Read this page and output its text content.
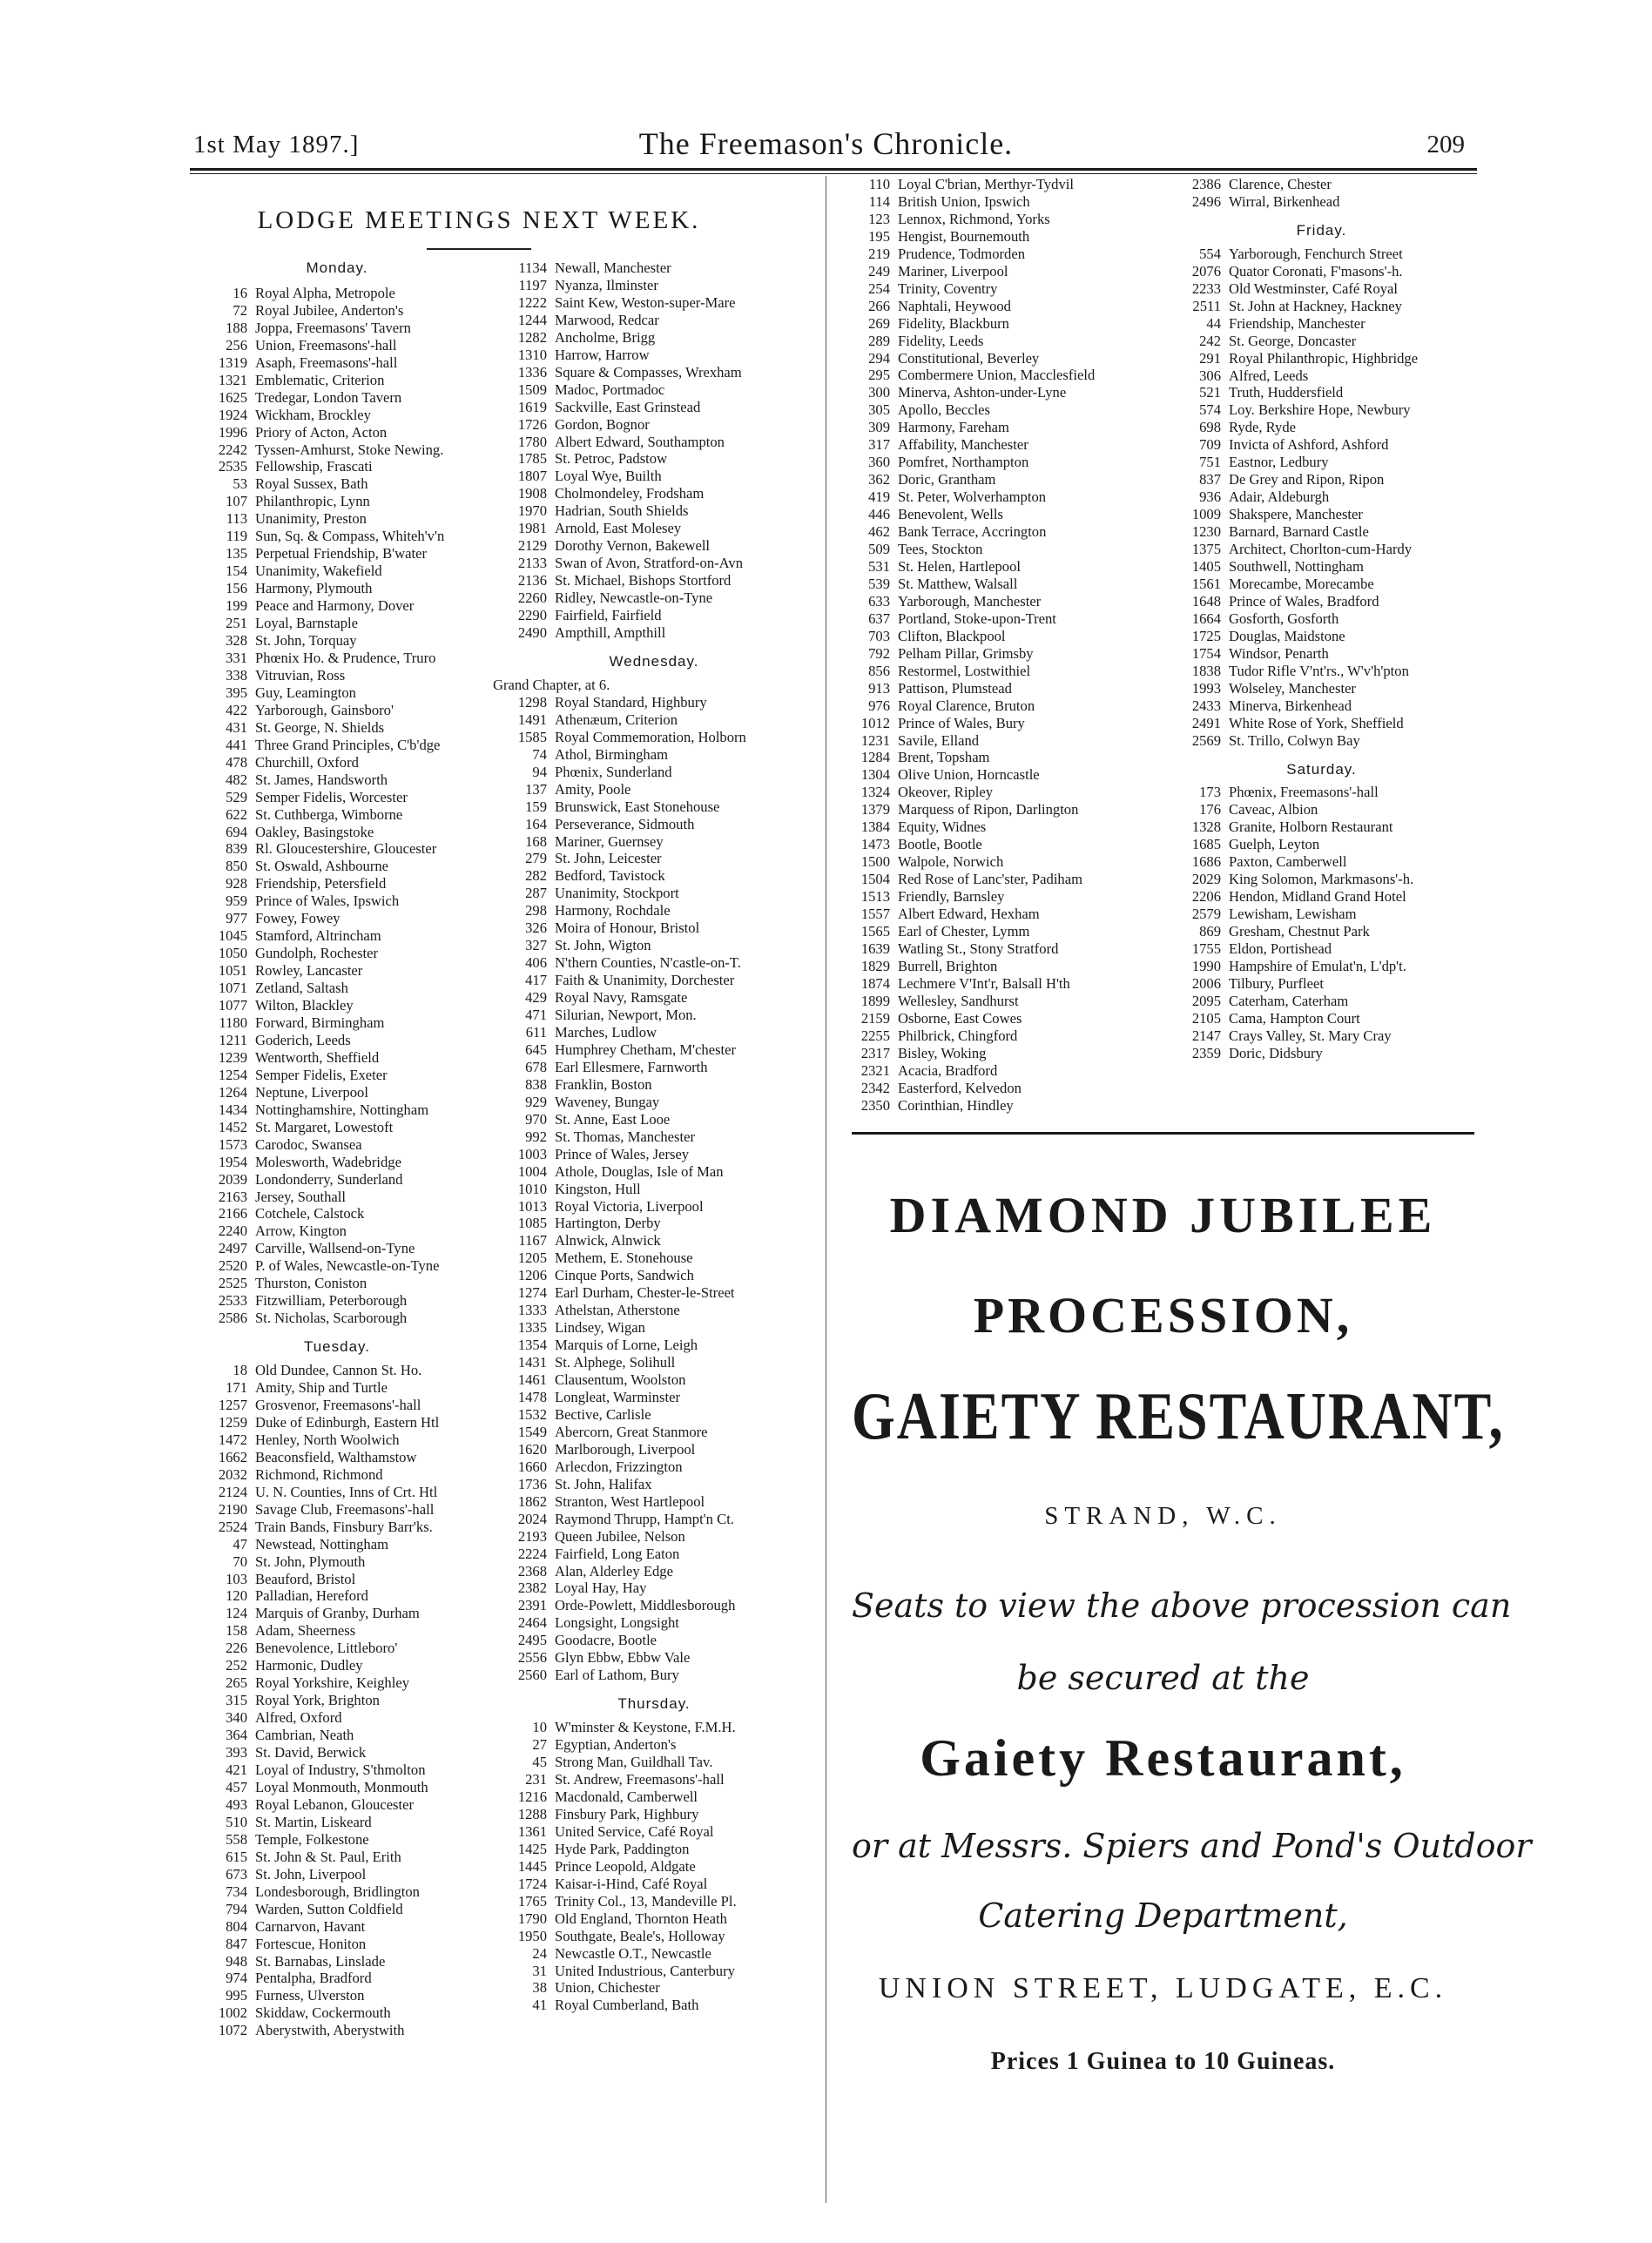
1st May 1897.]	The Freemason's Chronicle.	209
LODGE MEETINGS NEXT WEEK.
Monday.
16 Royal Alpha, Metropole
72 Royal Jubilee, Anderton's
188 Joppa, Freemasons' Tavern
256 Union, Freemasons'-hall
1319 Asaph, Freemasons'-hall
1321 Emblematic, Criterion
1625 Tredegar, London Tavern
1924 Wickham, Brockley
1996 Priory of Acton, Acton
2242 Tyssen-Amhurst, Stoke Newing.
2535 Fellowship, Frascati
53 Royal Sussex, Bath
107 Philanthropic, Lynn
113 Unanimity, Preston
119 Sun, Sq. & Compass, Whiteh'v'n
135 Perpetual Friendship, B'water
154 Unanimity, Wakefield
156 Harmony, Plymouth
199 Peace and Harmony, Dover
251 Loyal, Barnstaple
328 St. John, Torquay
331 Phœnix Ho. & Prudence, Truro
338 Vitruvian, Ross
395 Guy, Leamington
422 Yarborough, Gainsboro'
431 St. George, N. Shields
441 Three Grand Principles, C'b'dge
478 Churchill, Oxford
482 St. James, Handsworth
529 Semper Fidelis, Worcester
622 St. Cuthberga, Wimborne
694 Oakley, Basingstoke
839 Rl. Gloucestershire, Gloucester
850 St. Oswald, Ashbourne
928 Friendship, Petersfield
959 Prince of Wales, Ipswich
977 Fowey, Fowey
1045 Stamford, Altrincham
1050 Gundolph, Rochester
1051 Rowley, Lancaster
1071 Zetland, Saltash
1077 Wilton, Blackley
1180 Forward, Birmingham
1211 Goderich, Leeds
1239 Wentworth, Sheffield
1254 Semper Fidelis, Exeter
1264 Neptune, Liverpool
1434 Nottinghamshire, Nottingham
1452 St. Margaret, Lowestoft
1573 Carodoc, Swansea
1954 Molesworth, Wadebridge
2039 Londonderry, Sunderland
2163 Jersey, Southall
2166 Cotchele, Calstock
2240 Arrow, Kington
2497 Carville, Wallsend-on-Tyne
2520 P. of Wales, Newcastle-on-Tyne
2525 Thurston, Coniston
2533 Fitzwilliam, Peterborough
2586 St. Nicholas, Scarborough
Tuesday.
18 Old Dundee, Cannon St. Ho.
171 Amity, Ship and Turtle
1257 Grosvenor, Freemasons'-hall
1259 Duke of Edinburgh, Eastern Htl
1472 Henley, North Woolwich
1662 Beaconsfield, Walthamstow
2032 Richmond, Richmond
2124 U. N. Counties, Inns of Crt. Htl
2190 Savage Club, Freemasons'-hall
2524 Train Bands, Finsbury Barr'ks.
47 Newstead, Nottingham
70 St. John, Plymouth
103 Beauford, Bristol
120 Palladian, Hereford
124 Marquis of Granby, Durham
158 Adam, Sheerness
226 Benevolence, Littleboro'
252 Harmonic, Dudley
265 Royal Yorkshire, Keighley
315 Royal York, Brighton
340 Alfred, Oxford
364 Cambrian, Neath
393 St. David, Berwick
421 Loyal of Industry, S'thmolton
457 Loyal Monmouth, Monmouth
493 Royal Lebanon, Gloucester
510 St. Martin, Liskeard
558 Temple, Folkestone
615 St. John & St. Paul, Erith
673 St. John, Liverpool
734 Londesborough, Bridlington
794 Warden, Sutton Coldfield
804 Carnarvon, Havant
847 Fortescue, Honiton
948 St. Barnabas, Linslade
974 Pentalpha, Bradford
995 Furness, Ulverston
1002 Skiddaw, Cockermouth
1072 Aberystwith, Aberystwith
1134 Newall, Manchester
1197 Nyanza, Ilminster
1222 Saint Kew, Weston-super-Mare
1244 Marwood, Redcar
1282 Ancholme, Brigg
1310 Harrow, Harrow
1336 Square & Compasses, Wrexham
1509 Madoc, Portmadoc
1619 Sackville, East Grinstead
1726 Gordon, Bognor
1780 Albert Edward, Southampton
1785 St. Petroc, Padstow
1807 Loyal Wye, Builth
1908 Cholmondeley, Frodsham
1970 Hadrian, South Shields
1981 Arnold, East Molesey
2129 Dorothy Vernon, Bakewell
2133 Swan of Avon, Stratford-on-Avn
2136 St. Michael, Bishops Stortford
2260 Ridley, Newcastle-on-Tyne
2290 Fairfield, Fairfield
2490 Ampthill, Ampthill
Wednesday.
Grand Chapter, at 6.
1298 Royal Standard, Highbury
1491 Athenæum, Criterion
1585 Royal Commemoration, Holborn
74 Athol, Birmingham
94 Phœnix, Sunderland
137 Amity, Poole
159 Brunswick, East Stonehouse
164 Perseverance, Sidmouth
168 Mariner, Guernsey
279 St. John, Leicester
282 Bedford, Tavistock
287 Unanimity, Stockport
298 Harmony, Rochdale
326 Moira of Honour, Bristol
327 St. John, Wigton
406 N'thern Counties, N'castle-on-T.
417 Faith & Unanimity, Dorchester
429 Royal Navy, Ramsgate
471 Silurian, Newport, Mon.
611 Marches, Ludlow
645 Humphrey Chetham, M'chester
678 Earl Ellesmere, Farnworth
838 Franklin, Boston
929 Waveney, Bungay
970 St. Anne, East Looe
992 St. Thomas, Manchester
1003 Prince of Wales, Jersey
1004 Athole, Douglas, Isle of Man
1010 Kingston, Hull
1013 Royal Victoria, Liverpool
1085 Hartington, Derby
1167 Alnwick, Alnwick
1205 Methem, E. Stonehouse
1206 Cinque Ports, Sandwich
1274 Earl Durham, Chester-le-Street
1333 Athelstan, Atherstone
1335 Lindsey, Wigan
1354 Marquis of Lorne, Leigh
1431 St. Alphege, Solihull
1461 Clausentum, Woolston
1478 Longleat, Warminster
1532 Bective, Carlisle
1549 Abercorn, Great Stanmore
1620 Marlborough, Liverpool
1660 Arlecdon, Frizzington
1736 St. John, Halifax
1862 Stranton, West Hartlepool
2024 Raymond Thrupp, Hampt'n Ct.
2193 Queen Jubilee, Nelson
2224 Fairfield, Long Eaton
2368 Alan, Alderley Edge
2382 Loyal Hay, Hay
2391 Orde-Powlett, Middlesborough
2464 Longsight, Longsight
2495 Goodacre, Bootle
2556 Glyn Ebbw, Ebbw Vale
2560 Earl of Lathom, Bury
Thursday.
10 W'minster & Keystone, F.M.H.
27 Egyptian, Anderton's
45 Strong Man, Guildhall Tav.
231 St. Andrew, Freemasons'-hall
1216 Macdonald, Camberwell
1288 Finsbury Park, Highbury
1361 United Service, Café Royal
1425 Hyde Park, Paddington
1445 Prince Leopold, Aldgate
1724 Kaisar-i-Hind, Café Royal
1765 Trinity Col., 13, Mandeville Pl.
1790 Old England, Thornton Heath
1950 Southgate, Beale's, Holloway
24 Newcastle O.T., Newcastle
31 United Industrious, Canterbury
38 Union, Chichester
41 Royal Cumberland, Bath
110 Loyal C'brian, Merthyr-Tydvil
114 British Union, Ipswich
123 Lennox, Richmond, Yorks
195 Hengist, Bournemouth
219 Prudence, Todmorden
249 Mariner, Liverpool
254 Trinity, Coventry
266 Naphtali, Heywood
269 Fidelity, Blackburn
289 Fidelity, Leeds
294 Constitutional, Beverley
295 Combermere Union, Macclesfield
300 Minerva, Ashton-under-Lyne
305 Apollo, Beccles
309 Harmony, Fareham
317 Affability, Manchester
360 Pomfret, Northampton
362 Doric, Grantham
419 St. Peter, Wolverhampton
446 Benevolent, Wells
462 Bank Terrace, Accrington
509 Tees, Stockton
531 St. Helen, Hartlepool
539 St. Matthew, Walsall
633 Yarborough, Manchester
637 Portland, Stoke-upon-Trent
703 Clifton, Blackpool
792 Pelham Pillar, Grimsby
856 Restormel, Lostwithiel
913 Pattison, Plumstead
976 Royal Clarence, Bruton
1012 Prince of Wales, Bury
1231 Savile, Elland
1284 Brent, Topsham
1304 Olive Union, Horncastle
1324 Okeover, Ripley
1379 Marquess of Ripon, Darlington
1384 Equity, Widnes
1473 Bootle, Bootle
1500 Walpole, Norwich
1504 Red Rose of Lanc'ster, Padiham
1513 Friendly, Barnsley
1557 Albert Edward, Hexham
1565 Earl of Chester, Lymm
1639 Watling St., Stony Stratford
1829 Burrell, Brighton
1874 Lechmere V'Int'r, Balsall H'th
1899 Wellesley, Sandhurst
2159 Osborne, East Cowes
2255 Philbrick, Chingford
2317 Bisley, Woking
2321 Acacia, Bradford
2342 Easterford, Kelvedon
2350 Corinthian, Hindley
2386 Clarence, Chester
2496 Wirral, Birkenhead
Friday.
554 Yarborough, Fenchurch Street
2076 Quator Coronati, F'masons'-h.
2233 Old Westminster, Café Royal
2511 St. John at Hackney, Hackney
44 Friendship, Manchester
242 St. George, Doncaster
291 Royal Philanthropic, Highbridge
306 Alfred, Leeds
521 Truth, Huddersfield
574 Loy. Berkshire Hope, Newbury
698 Ryde, Ryde
709 Invicta of Ashford, Ashford
751 Eastnor, Ledbury
837 De Grey and Ripon, Ripon
936 Adair, Aldeburgh
1009 Shakspere, Manchester
1230 Barnard, Barnard Castle
1375 Architect, Chorlton-cum-Hardy
1405 Southwell, Nottingham
1561 Morecambe, Morecambe
1648 Prince of Wales, Bradford
1664 Gosforth, Gosforth
1725 Douglas, Maidstone
1754 Windsor, Penarth
1838 Tudor Rifle V'nt'rs., W'v'h'pton
1993 Wolseley, Manchester
2433 Minerva, Birkenhead
2491 White Rose of York, Sheffield
2569 St. Trillo, Colwyn Bay
Saturday.
173 Phœnix, Freemasons'-hall
176 Caveac, Albion
1328 Granite, Holborn Restaurant
1685 Guelph, Leyton
1686 Paxton, Camberwell
2029 King Solomon, Markmasons'-h.
2206 Hendon, Midland Grand Hotel
2579 Lewisham, Lewisham
869 Gresham, Chestnut Park
1755 Eldon, Portishead
1990 Hampshire of Emulat'n, L'dp't.
2006 Tilbury, Purfleet
2095 Caterham, Caterham
2105 Cama, Hampton Court
2147 Crays Valley, St. Mary Cray
2359 Doric, Didsbury
DIAMOND JUBILEE
PROCESSION,
GAIETY RESTAURANT,
STRAND, W.C.
Seats to view the above procession can
be secured at the
Gaiety Restaurant,
or at Messrs. Spiers and Pond's Outdoor
Catering Department,
UNION STREET, LUDGATE, E.C.
Prices 1 Guinea to 10 Guineas.
